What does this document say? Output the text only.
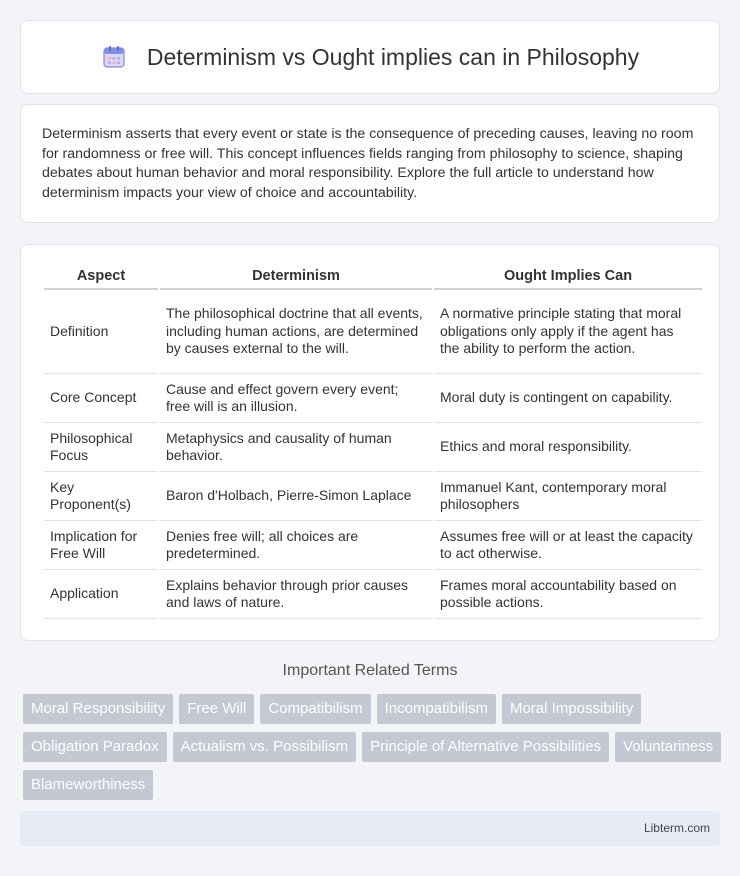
Determinism vs Ought implies can in Philosophy

Determinism asserts that every event or state is the consequence of preceding causes, leaving no room for randomness or free will. This concept influences fields ranging from philosophy to science, shaping debates about human behavior and moral responsibility. Explore the full article to understand how determinism impacts your view of choice and accountability.

Aspect	Determinism	Ought Implies Can
Definition	The philosophical doctrine that all events, including human actions, are determined by causes external to the will.	A normative principle stating that moral obligations only apply if the agent has the ability to perform the action.
Core Concept	Cause and effect govern every event; free will is an illusion.	Moral duty is contingent on capability.
Philosophical Focus	Metaphysics and causality of human behavior.	Ethics and moral responsibility.
Key Proponent(s)	Baron d'Holbach, Pierre-Simon Laplace	Immanuel Kant, contemporary moral philosophers
Implication for Free Will	Denies free will; all choices are predetermined.	Assumes free will or at least the capacity to act otherwise.
Application	Explains behavior through prior causes and laws of nature.	Frames moral accountability based on possible actions.
Important Related Terms
Moral Responsibility	Free Will	Compatibilism	Incompatibilism	Moral Impossibility
Obligation Paradox	Actualism vs. Possibilism	Principle of Alternative Possibilities	Voluntariness
Blameworthiness
Libterm.com
